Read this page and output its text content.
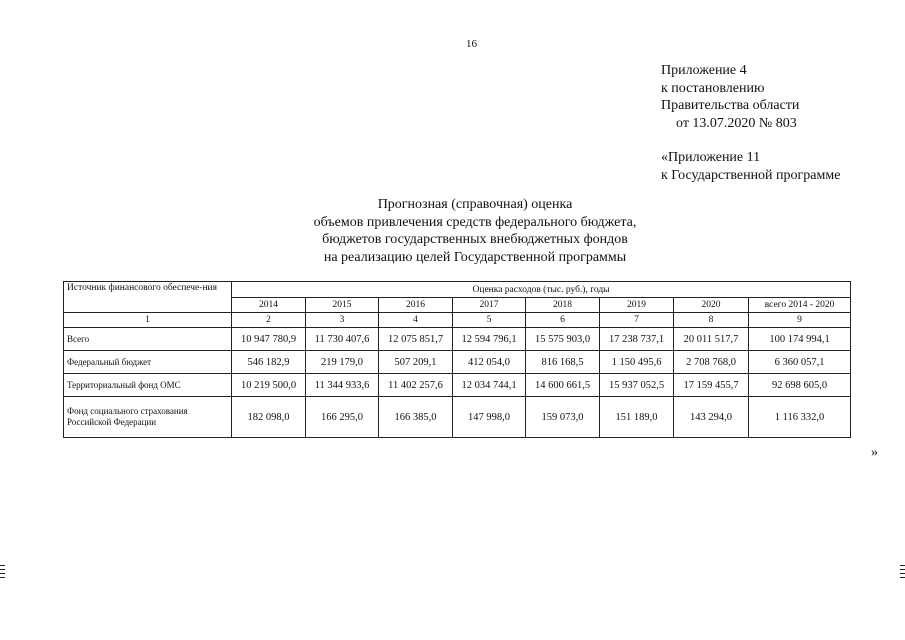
16
Приложение 4
к постановлению
Правительства области
от 13.07.2020 № 803
«Приложение 11
к Государственной программе
Прогнозная (справочная) оценка
объемов привлечения средств федерального бюджета,
бюджетов государственных внебюджетных фондов
на реализацию целей Государственной программы
Источник финансового обеспече-ния	Оценка расходов (тыс. руб.), годы							
	2014	2015	2016	2017	2018	2019	2020	всего 2014 - 2020
1	2	3	4	5	6	7	8	9
Всего	10 947 780,9	11 730 407,6	12 075 851,7	12 594 796,1	15 575 903,0	17 238 737,1	20 011 517,7	100 174 994,1
Федеральный бюджет	546 182,9	219 179,0	507 209,1	412 054,0	816 168,5	1 150 495,6	2 708 768,0	6 360 057,1
Территориальный фонд ОМС	10 219 500,0	11 344 933,6	11 402 257,6	12 034 744,1	14 600 661,5	15 937 052,5	17 159 455,7	92 698 605,0
Фонд социального страхования Российской Федерации	182 098,0	166 295,0	166 385,0	147 998,0	159 073,0	151 189,0	143 294,0	1 116 332,0
»
